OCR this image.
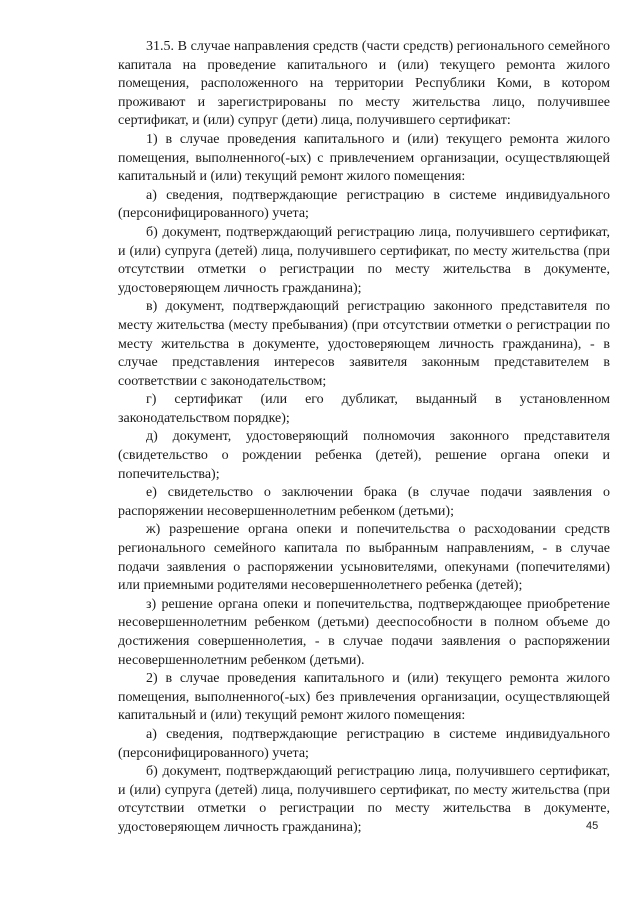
31.5. В случае направления средств (части средств) регионального семейного капитала на проведение капитального и (или) текущего ремонта жилого помещения, расположенного на территории Республики Коми, в котором проживают и зарегистрированы по месту жительства лицо, получившее сертификат, и (или) супруг (дети) лица, получившего сертификат:

1) в случае проведения капитального и (или) текущего ремонта жилого помещения, выполненного(-ых) с привлечением организации, осуществляющей капитальный и (или) текущий ремонт жилого помещения:

а) сведения, подтверждающие регистрацию в системе индивидуального (персонифицированного) учета;

б) документ, подтверждающий регистрацию лица, получившего сертификат, и (или) супруга (детей) лица, получившего сертификат, по месту жительства (при отсутствии отметки о регистрации по месту жительства в документе, удостоверяющем личность гражданина);

в) документ, подтверждающий регистрацию законного представителя по месту жительства (месту пребывания) (при отсутствии отметки о регистрации по месту жительства в документе, удостоверяющем личность гражданина), - в случае представления интересов заявителя законным представителем в соответствии с законодательством;

г) сертификат (или его дубликат, выданный в установленном законодательством порядке);

д) документ, удостоверяющий полномочия законного представителя (свидетельство о рождении ребенка (детей), решение органа опеки и попечительства);

е) свидетельство о заключении брака (в случае подачи заявления о распоряжении несовершеннолетним ребенком (детьми);

ж) разрешение органа опеки и попечительства о расходовании средств регионального семейного капитала по выбранным направлениям, - в случае подачи заявления о распоряжении усыновителями, опекунами (попечителями) или приемными родителями несовершеннолетнего ребенка (детей);

з) решение органа опеки и попечительства, подтверждающее приобретение несовершеннолетним ребенком (детьми) дееспособности в полном объеме до достижения совершеннолетия, - в случае подачи заявления о распоряжении несовершеннолетним ребенком (детьми).

2) в случае проведения капитального и (или) текущего ремонта жилого помещения, выполненного(-ых) без привлечения организации, осуществляющей капитальный и (или) текущий ремонт жилого помещения:

а) сведения, подтверждающие регистрацию в системе индивидуального (персонифицированного) учета;

б) документ, подтверждающий регистрацию лица, получившего сертификат, и (или) супруга (детей) лица, получившего сертификат, по месту жительства (при отсутствии отметки о регистрации по месту жительства в документе, удостоверяющем личность гражданина);	45
